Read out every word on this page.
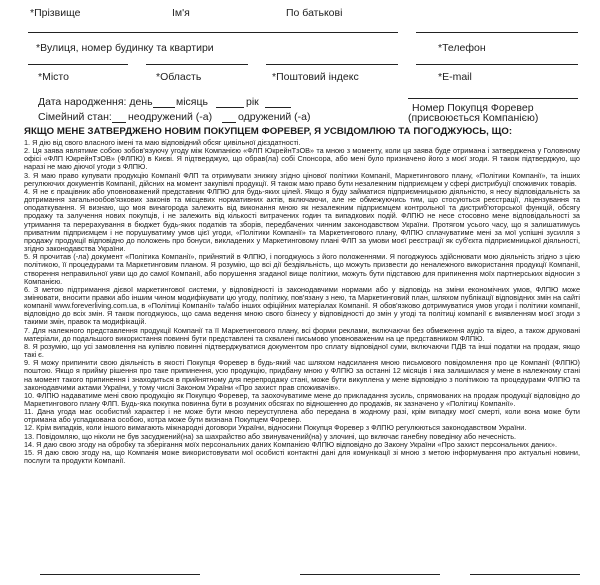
*Прізвище	Ім'я	По батькові
*Вулиця, номер будинку та квартири	*Телефон
*Місто	*Область	*Поштовий індекс	*E-mail
Дата народження: день місяць	рік	Номер Покупця Форевер
(присвоюється Компанією)
Сімейний стан: неодружений (-а) одружений (-а)
ЯКЩО МЕНЕ ЗАТВЕРДЖЕНО НОВИМ ПОКУПЦЕМ ФОРЕВЕР, Я УСВІДОМЛЮЮ ТА ПОГОДЖУЮСЬ, ЩО:

1. Я дію від свого власного імені та маю відповідний обсяг цивільної дієздатності.

2. Ця заява являтиме собою зобов'язуючу угоду між Компанією «ФЛП ЮкрейнТзОВ» та мною з моменту, коли ця заява буде отримана і затверджена у Головному офісі «ФЛП ЮкрейнТзОВ» (ФЛПЮ) в Києві. Я підтверджую, що обрав(ла) собі Спонсора, або мені було призначено його з моєї згоди. Я також підтверджую, що наразі не маю діючої угоди з ФЛПЮ.

3. Я маю право купувати продукцію Компанії ФЛП та отримувати знижку згідно цінової політики Компанії, Маркетингового плану, «Політики Компанії», та інших регулюючих документів Компанії, дійсних на момент закупівлі продукції. Я також маю право бути незалежним підприємцем у сфері дистрибуції споживчих товарів.

4. Я не є працівник або уповноважений представник ФЛПЮ для будь-яких цілей. Якщо я буду займатися підприємницькою діяльністю, я несу відповідальність за дотримання загальнообов'язкових законів та місцевих нормативних актів, включаючи, але не обмежуючись тим, що стосуються реєстрації, ліцензування та оподаткування. Я визнаю, що моя винагорода залежить від виконання мною як незалежним підприємцем контрольної та дистриб'юторської функцій, обсягу продажу та залучення нових покупців, і не залежить від кількості витрачених годин та випадкових подій. ФЛПЮ не несе стосовно мене відповідальності за утримання та перерахування в бюджет будь-яких податків та зборів, передбачених чинним законодавством України. Протягом усього часу, що я залишатимусь приватним підприємцем і не порушуватиму умов цієї угоди, «Політики Компанії» та Маркетингового плану, ФЛПЮ сплачуватиме мені за мої успішні зусилля з продажу продукції відповідно до положень про бонуси, викладених у Маркетинговому плані ФЛП за умови моєї реєстрації як суб'єкта підприємницької діяльності, згідно законодавства України.

5. Я прочитав (-ла) документ «Політика Компанії», прийнятий в ФЛПЮ, і погоджуюсь з його положеннями. Я погоджуюсь здійснювати мою діяльність згідно з цією політикою, її процедурами та Маркетинговим планом. Я розумію, що всі дії бездіяльність, що можуть призвести до неналежного використання продукції Компанії, створення неправильної уяви що до самої Компанії, або порушення згаданої вище політики, можуть бути підставою для припинення моїх партнерських відносин з Компанією.

6. З метою підтримання дієвої маркетингової системи, у відповідності із законодавчими нормами або у відповідь на зміни економічних умов, ФЛПЮ може змінювати, вносити правки або іншим чином модифікувати цю угоду, політику, пов'язану з нею, та Маркетинговий план, шляхом публікації відповідних змін на сайті компанії www.foreverliving.com.ua, в «Політиці Компанії» та/або інших офіційних матеріалах Компанії. Я обов'язково дотримуватися умов угоди і політики компанії, відповідно до всіх змін. Я також погоджуюсь, що сама ведення мною свого бізнесу у відповідності до змін у угоді та політиці компанії є виявленням моєї згоди з такими змін, правок та модифікацій.

7. Для належного представлення продукції Компанії та її Маркетингового плану, всі форми реклами, включаючи без обмеження аудіо та відео, а також друковані матеріали, до подальшого використання повинні бути представлені та схвалені письмово уповноваженим на це представником ФЛПЮ.

8. Я розумію, що усі замовлення на купівлю повинні підтверджуватися документом про сплату відповідної суми, включаючи ПДВ та інші податки на продаж, якщо такі є.

9. Я можу припинити свою діяльність в якості Покупця Форевер в будь-який час шляхом надсилання мною письмового повідомлення про це Компанії (ФЛПЮ) поштою. Якщо я прийму рішення про таке припинення, усю продукцію, придбану мною у ФЛПЮ за останні 12 місяців і яка залишилася у мене в належному стані на момент такого припинення і знаходиться в прийнятному для перепродажу стані, може бути викуплена у мене відповідно з політикою та процедурами ФЛПЮ та законодавчими актами України, у тому числі Законом України «Про захист прав споживачів».

10. ФЛПЮ надаватиме мені свою продукцію як Покупцю Форевер, та заохочуватиме мене до прикладання зусиль, спрямованих на продаж продукції відповідно до Маркетингового плану ФЛП. Будь-яка покупка повинна бути в розумних обсягах по відношенню до продажів, як зазначено у «Політиці Компанії».

11. Дана угода має особистий характер і не може бути мною переуступлена або передана в жодному разі, крім випадку моєї смерті, коли вона може бути отримана або успадкована особою, котра може бути визнана Покупцем Форевер.

12. Крім випадків, коли іншого вимагають міжнародні договори України, відносини Покупця Форевер з ФЛПЮ регулюються законодавством України.

13. Повідомляю, що ніколи не був засуджений(на) за шахрайство або звинувачений(на) у злочині, що включає ганебну поведінку або нечесність.

14. Я даю свою згоду на обробку та зберігання моїх персональних даних Компанією ФЛПЮ відповідно до Закону України «Про захист персональних даних».

15. Я даю свою згоду на, що Компанія може використовувати мої особисті контактні дані для комунікації зі мною з метою інформування про актуальні новини, послуги та продукти Компанії.
